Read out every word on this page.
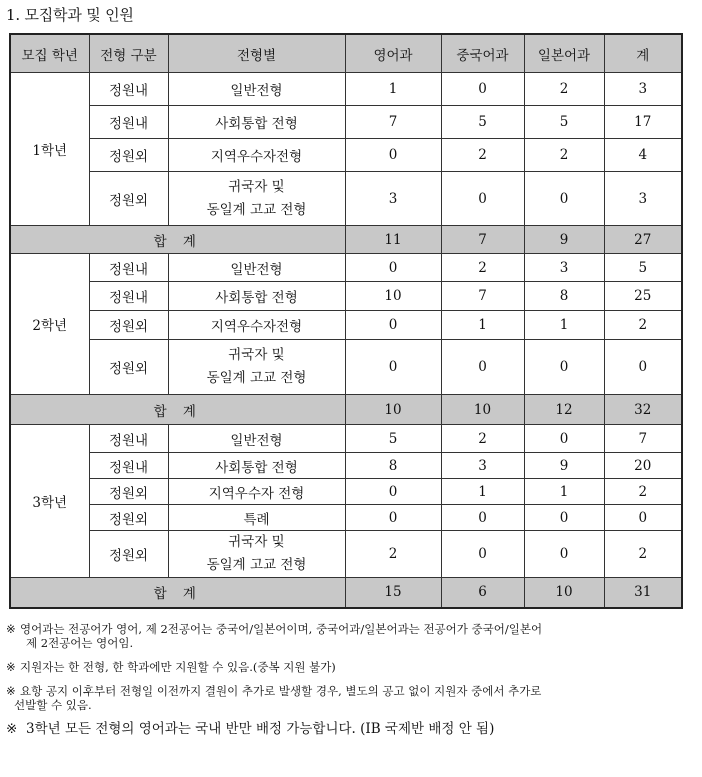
1. 모집학과 및 인원
모집 학년	전형 구분	전형별	영어과	중국어과	일본어과	계
1학년	정원내	일반전형	1	0	2	3
	정원내	사회통합 전형	7	5	5	17
	정원외	지역우수자전형	0	2	2	4
	정원외	귀국자 및
동일계 고교 전형	3	0	0	3
합 계			11	7	9	27
2학년	정원내	일반전형	0	2	3	5
	정원내	사회통합 전형	10	7	8	25
	정원외	지역우수자전형	0	1	1	2
	정원외	귀국자 및
동일계 고교 전형	0	0	0	0
합 계			10	10	12	32
3학년	정원내	일반전형	5	2	0	7
	정원내	사회통합 전형	8	3	9	20
	정원외	지역우수자 전형	0	1	1	2
	정원외	특례	0	0	0	0
	정원외	귀국자 및
동일계 고교 전형	2	0	0	2
합 계			15	6	10	31
※ 영어과는 전공어가 영어, 제 2전공어는 중국어/일본어이며, 중국어과/일본어과는 전공어가 중국어/일본어
제 2전공어는 영어임.
※ 지원자는 한 전형, 한 학과에만 지원할 수 있음.(중복 지원 불가)
※ 요항 공지 이후부터 전형일 이전까지 결원이 추가로 발생할 경우, 별도의 공고 없이 지원자 중에서 추가로
선발할 수 있음.
※ 3학년 모든 전형의 영어과는 국내 반만 배정 가능합니다. (IB 국제반 배정 안 됨)
